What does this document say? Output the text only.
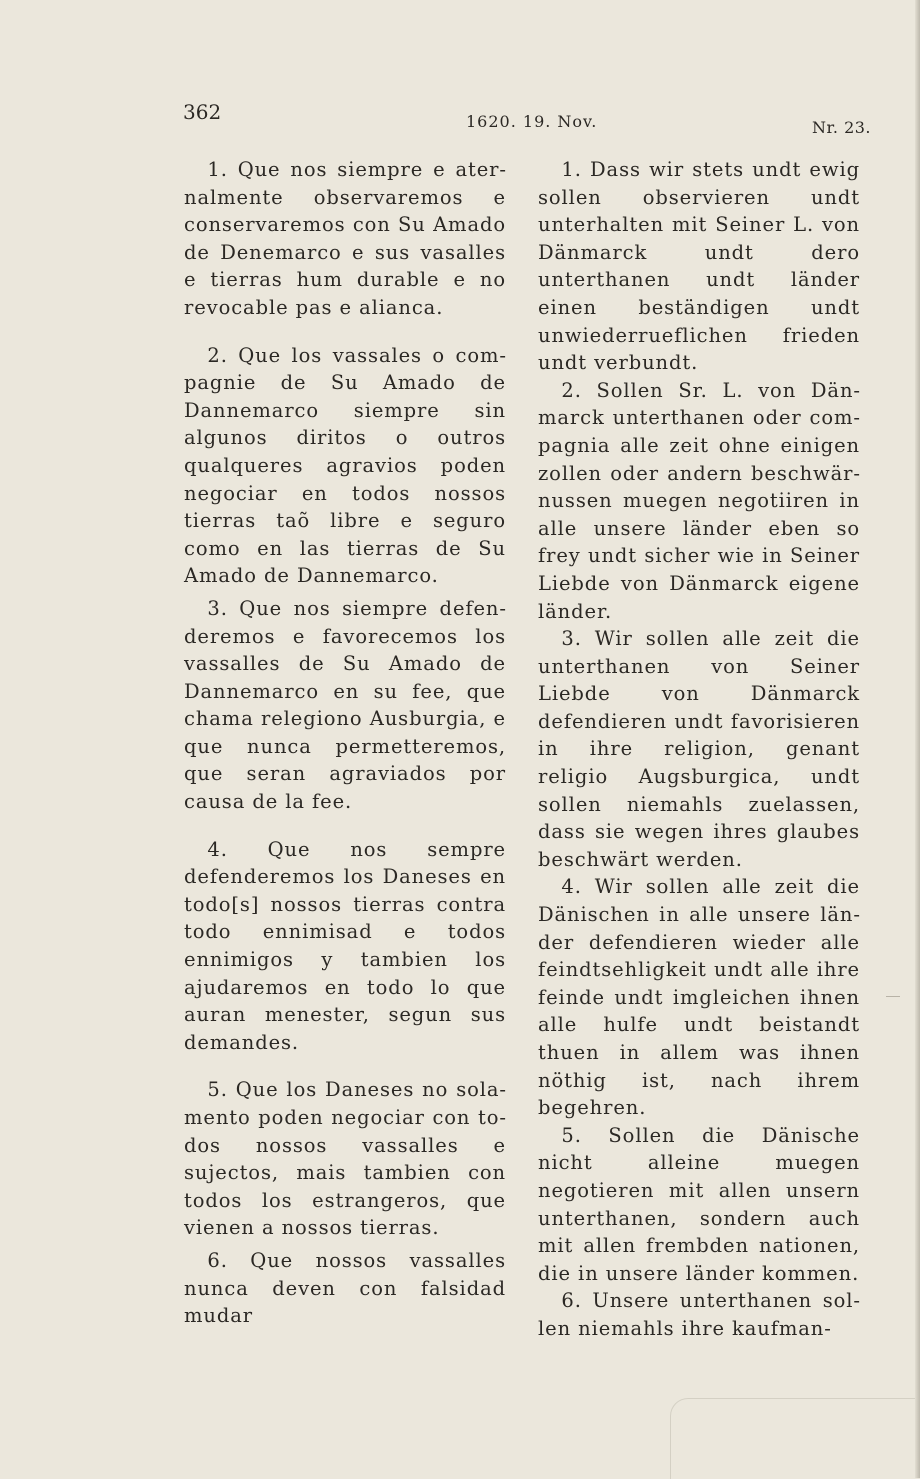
362	1620. 19. Nov.	Nr. 23.

1. Que nos siempre e aternalmente observaremos e conservaremos con Su Amado de Denemarco e sus vasalles e tierras hum durable e no revocable pas e alianca.

2. Que los vassales o compagnie de Su Amado de Dannemarco siempre sin algunos diritos o outros qualqueres agravios poden negociar en todos nossos tierras taõ libre e seguro como en las tierras de Su Amado de Dannemarco.

3. Que nos siempre defenderemos e favorecemos los vassalles de Su Amado de Dannemarco en su fee, que chama relegiono Ausburgia, e que nunca permetteremos, que seran agraviados por causa de la fee.

4. Que nos sempre defenderemos los Daneses en todo[s] nossos tierras contra todo ennimisad e todos ennimigos y tambien los ajudaremos en todo lo que auran menester, segun sus demandes.

5. Que los Daneses no solamento poden negociar con todos nossos vassalles e sujectos, mais tambien con todos los estrangeros, que vienen a nossos tierras.

6. Que nossos vassalles nunca deven con falsidad mudar

1. Dass wir stets undt ewig sollen observieren undt unterhalten mit Seiner L. von Dänmarck undt dero unterthanen undt länder einen beständigen undt unwiederrueflichen frieden undt verbundt.

2. Sollen Sr. L. von Dänmarck unterthanen oder compagnia alle zeit ohne einigen zollen oder andern beschwärnussen muegen negotiiren in alle unsere länder eben so frey undt sicher wie in Seiner Liebde von Dänmarck eigene länder.

3. Wir sollen alle zeit die unterthanen von Seiner Liebde von Dänmarck defendieren undt favorisieren in ihre religion, genant religio Augsburgica, undt sollen niemahls zuelassen, dass sie wegen ihres glaubes beschwärt werden.

4. Wir sollen alle zeit die Dänischen in alle unsere länder defendieren wieder alle feindtsehligkeit undt alle ihre feinde undt imgleichen ihnen alle hulfe undt beistandt thuen in allem was ihnen nöthig ist, nach ihrem begehren.

5. Sollen die Dänische nicht alleine muegen negotieren mit allen unsern unterthanen, sondern auch mit allen frembden nationen, die in unsere länder kommen.

6. Unsere unterthanen sollen niemahls ihre kaufman-
